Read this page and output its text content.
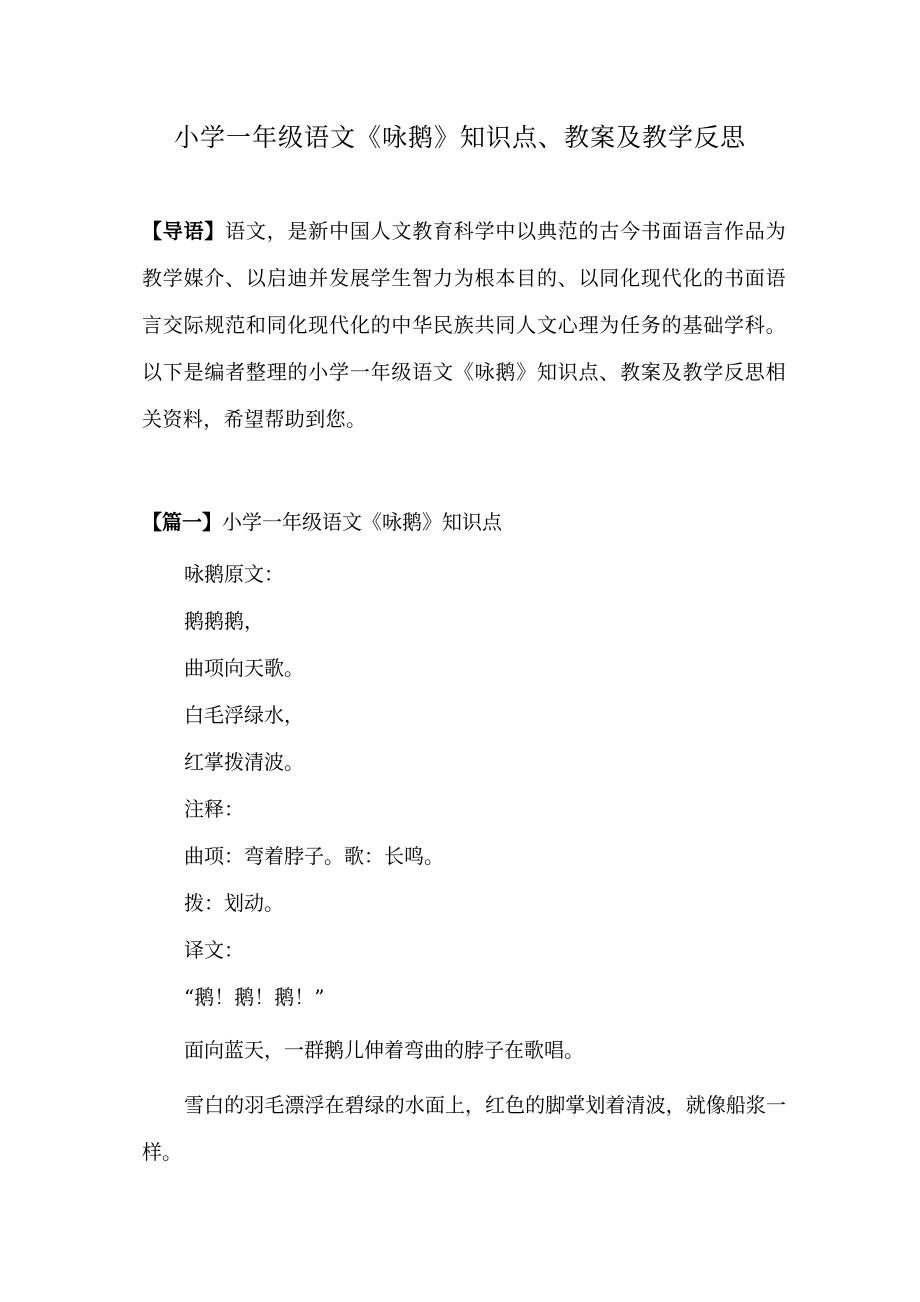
小学一年级语文《咏鹅》知识点、教案及教学反思

【导语】语文，是新中国人文教育科学中以典范的古今书面语言作品为教学媒介、以启迪并发展学生智力为根本目的、以同化现代化的书面语言交际规范和同化现代化的中华民族共同人文心理为任务的基础学科。以下是编者整理的小学一年级语文《咏鹅》知识点、教案及教学反思相关资料，希望帮助到您。

【篇一】小学一年级语文《咏鹅》知识点

咏鹅原文：

鹅鹅鹅，

曲项向天歌。

白毛浮绿水，

红掌拨清波。

注释：

曲项：弯着脖子。歌：长鸣。

拨：划动。

译文：

“鹅！鹅！鹅！”

面向蓝天，一群鹅儿伸着弯曲的脖子在歌唱。

雪白的羽毛漂浮在碧绿的水面上，红色的脚掌划着清波，就像船浆一样。
